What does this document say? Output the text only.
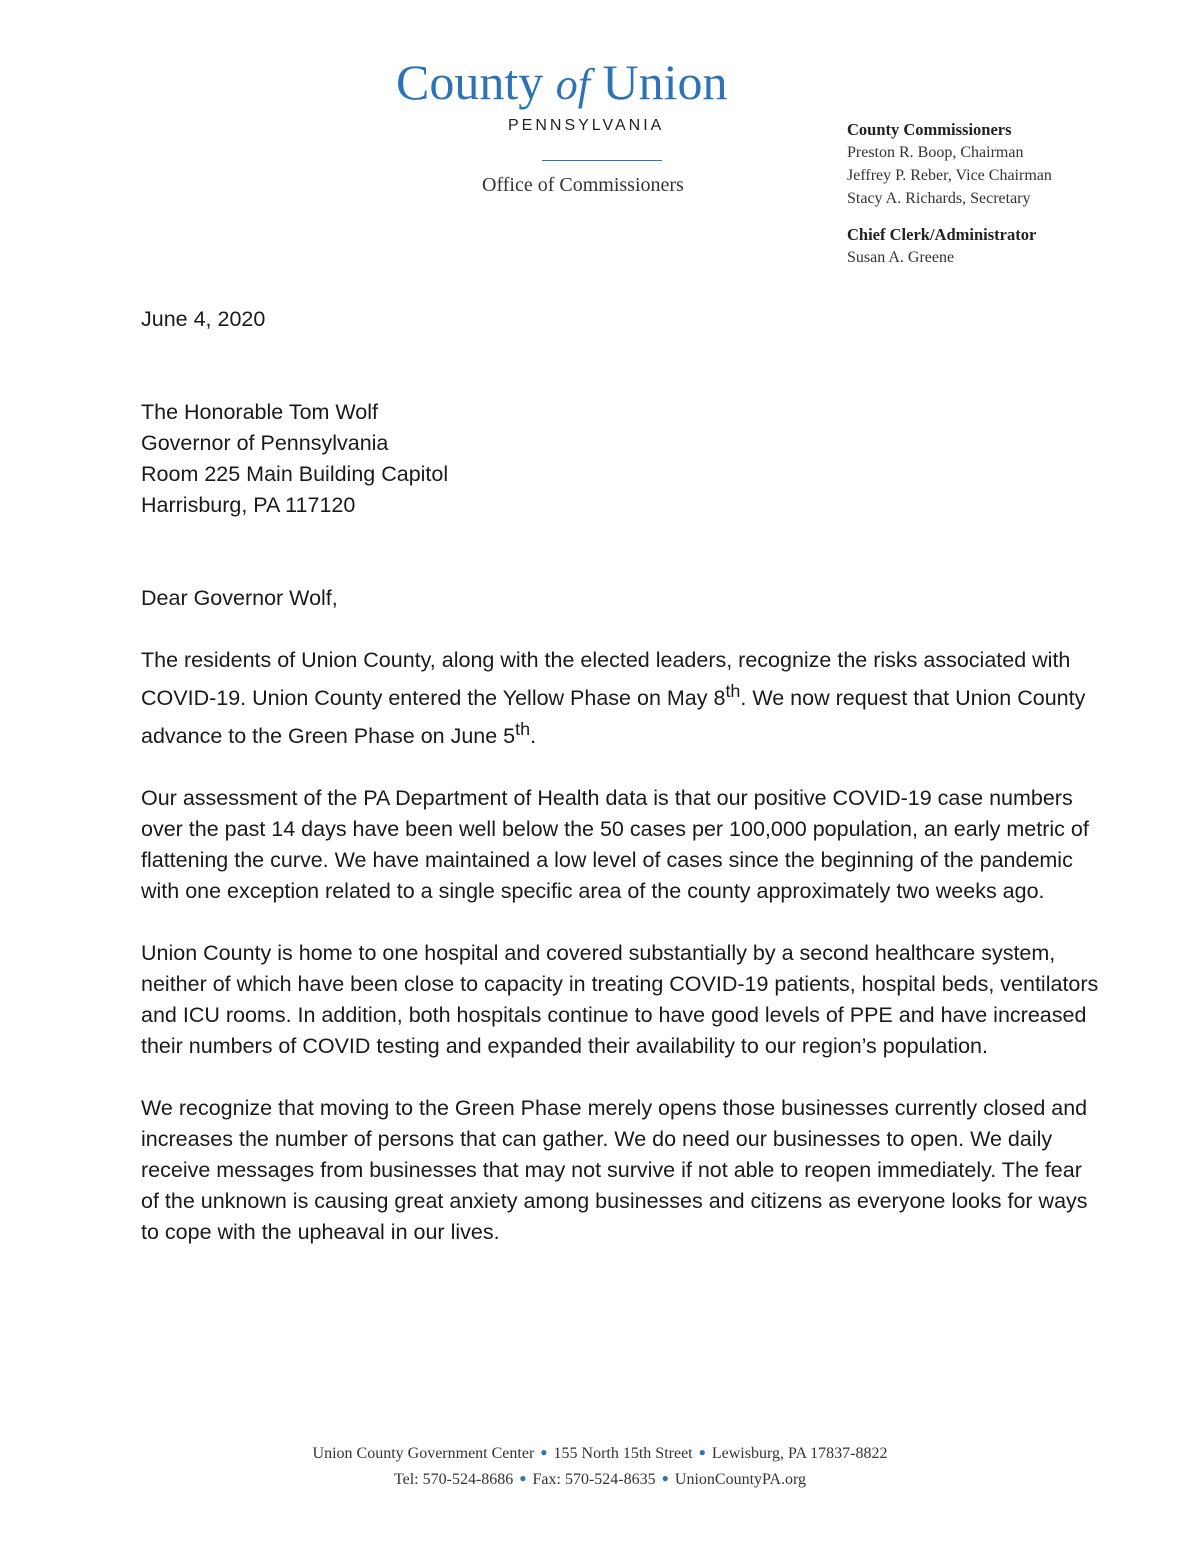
County of Union
PENNSYLVANIA
Office of Commissioners
County Commissioners
Preston R. Boop, Chairman
Jeffrey P. Reber, Vice Chairman
Stacy A. Richards, Secretary
Chief Clerk/Administrator
Susan A. Greene

June 4, 2020

The Honorable Tom Wolf

Governor of Pennsylvania

Room 225 Main Building Capitol

Harrisburg, PA 117120

Dear Governor Wolf,

The residents of Union County, along with the elected leaders, recognize the risks associated with COVID-19. Union County entered the Yellow Phase on May 8th. We now request that Union County advance to the Green Phase on June 5th.

Our assessment of the PA Department of Health data is that our positive COVID-19 case numbers over the past 14 days have been well below the 50 cases per 100,000 population, an early metric of flattening the curve. We have maintained a low level of cases since the beginning of the pandemic with one exception related to a single specific area of the county approximately two weeks ago.

Union County is home to one hospital and covered substantially by a second healthcare system, neither of which have been close to capacity in treating COVID-19 patients, hospital beds, ventilators and ICU rooms. In addition, both hospitals continue to have good levels of PPE and have increased their numbers of COVID testing and expanded their availability to our region’s population.

We recognize that moving to the Green Phase merely opens those businesses currently closed and increases the number of persons that can gather. We do need our businesses to open. We daily receive messages from businesses that may not survive if not able to reopen immediately. The fear of the unknown is causing great anxiety among businesses and citizens as everyone looks for ways to cope with the upheaval in our lives.

Union County Government Center ● 155 North 15th Street ● Lewisburg, PA 17837-8822
Tel: 570-524-8686 ● Fax: 570-524-8635 ● UnionCountyPA.org
